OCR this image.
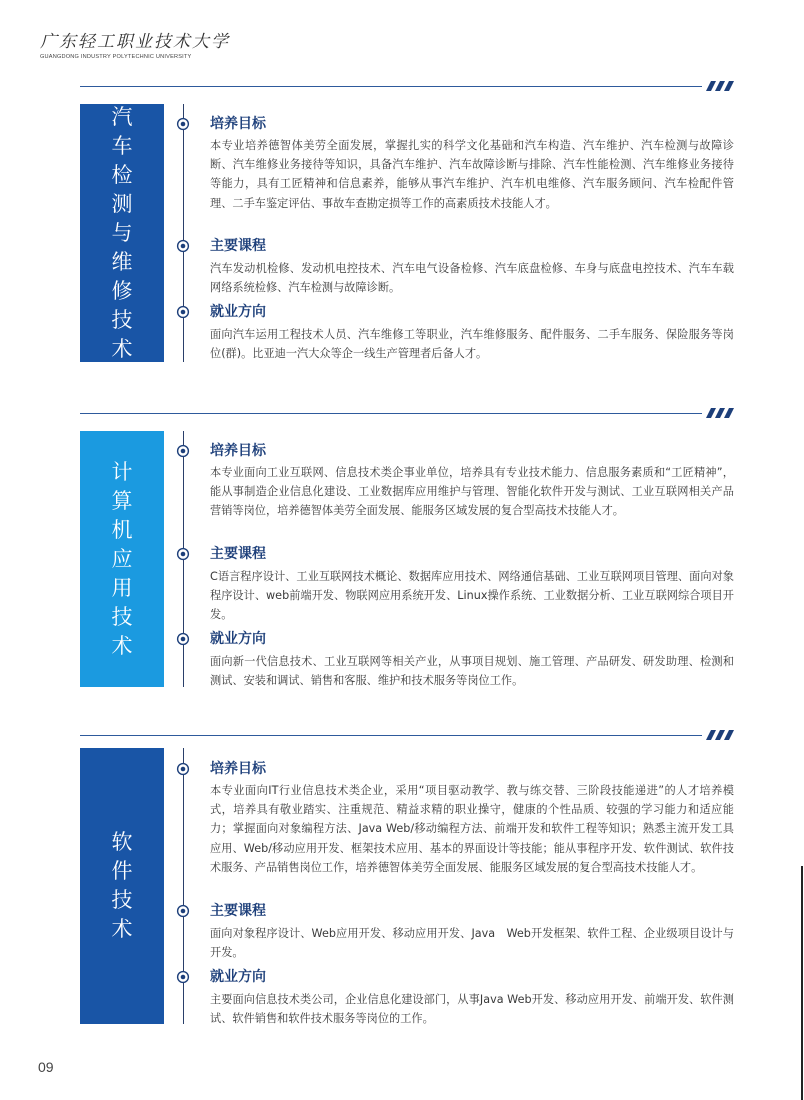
广东轻工职业技术大学
GUANGDONG INDUSTRY POLYTECHNIC UNIVERSITY
汽
车
检
测
与
维
修
技
术
培养目标
本专业培养德智体美劳全面发展，掌握扎实的科学文化基础和汽车构造、汽车维护、汽车检测与故障诊断、汽车维修业务接待等知识，具备汽车维护、汽车故障诊断与排除、汽车性能检测、汽车维修业务接待等能力，具有工匠精神和信息素养，能够从事汽车维护、汽车机电维修、汽车服务顾问、汽车检配件管理、二手车鉴定评估、事故车查勘定损等工作的高素质技术技能人才。
主要课程
汽车发动机检修、发动机电控技术、汽车电气设备检修、汽车底盘检修、车身与底盘电控技术、汽车车载网络系统检修、汽车检测与故障诊断。
就业方向
面向汽车运用工程技术人员、汽车维修工等职业，汽车维修服务、配件服务、二手车服务、保险服务等岗位(群)。比亚迪一汽大众等企一线生产管理者后备人才。
计
算
机
应
用
技
术
培养目标
本专业面向工业互联网、信息技术类企事业单位，培养具有专业技术能力、信息服务素质和“工匠精神”，能从事制造企业信息化建设、工业数据库应用维护与管理、智能化软件开发与测试、工业互联网相关产品营销等岗位，培养德智体美劳全面发展、能服务区域发展的复合型高技术技能人才。
主要课程
C语言程序设计、工业互联网技术概论、数据库应用技术、网络通信基础、工业互联网项目管理、面向对象程序设计、web前端开发、物联网应用系统开发、Linux操作系统、工业数据分析、工业互联网综合项目开发。
就业方向
面向新一代信息技术、工业互联网等相关产业，从事项目规划、施工管理、产品研发、研发助理、检测和测试、安装和调试、销售和客服、维护和技术服务等岗位工作。
软
件
技
术
培养目标
本专业面向IT行业信息技术类企业，采用“项目驱动教学、教与练交替、三阶段技能递进”的人才培养模式，培养具有敬业踏实、注重规范、精益求精的职业操守，健康的个性品质、较强的学习能力和适应能力；掌握面向对象编程方法、Java Web/移动编程方法、前端开发和软件工程等知识；熟悉主流开发工具应用、Web/移动应用开发、框架技术应用、基本的界面设计等技能；能从事程序开发、软件测试、软件技术服务、产品销售岗位工作，培养德智体美劳全面发展、能服务区域发展的复合型高技术技能人才。
主要课程
面向对象程序设计、Web应用开发、移动应用开发、Java　Web开发框架、软件工程、企业级项目设计与开发。
就业方向
主要面向信息技术类公司，企业信息化建设部门，从事Java Web开发、移动应用开发、前端开发、软件测试、软件销售和软件技术服务等岗位的工作。
09
